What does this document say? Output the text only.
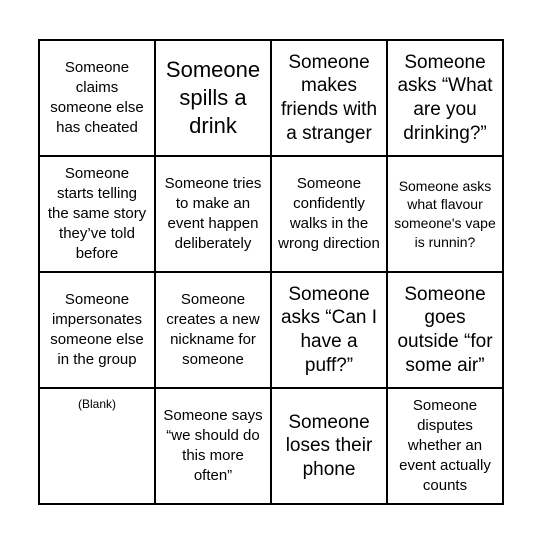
Someone claims someone else has cheated
Someone spills a drink
Someone makes friends with a stranger
Someone asks “What are you drinking?”
Someone starts telling the same story they’ve told before
Someone tries to make an event happen deliberately
Someone confidently walks in the wrong direction
Someone asks what flavour someone's vape is runnin?
Someone impersonates someone else in the group
Someone creates a new nickname for someone
Someone asks “Can I have a puff?”
Someone goes outside “for some air”
(Blank)
Someone says “we should do this more often”
Someone loses their phone
Someone disputes whether an event actually counts
